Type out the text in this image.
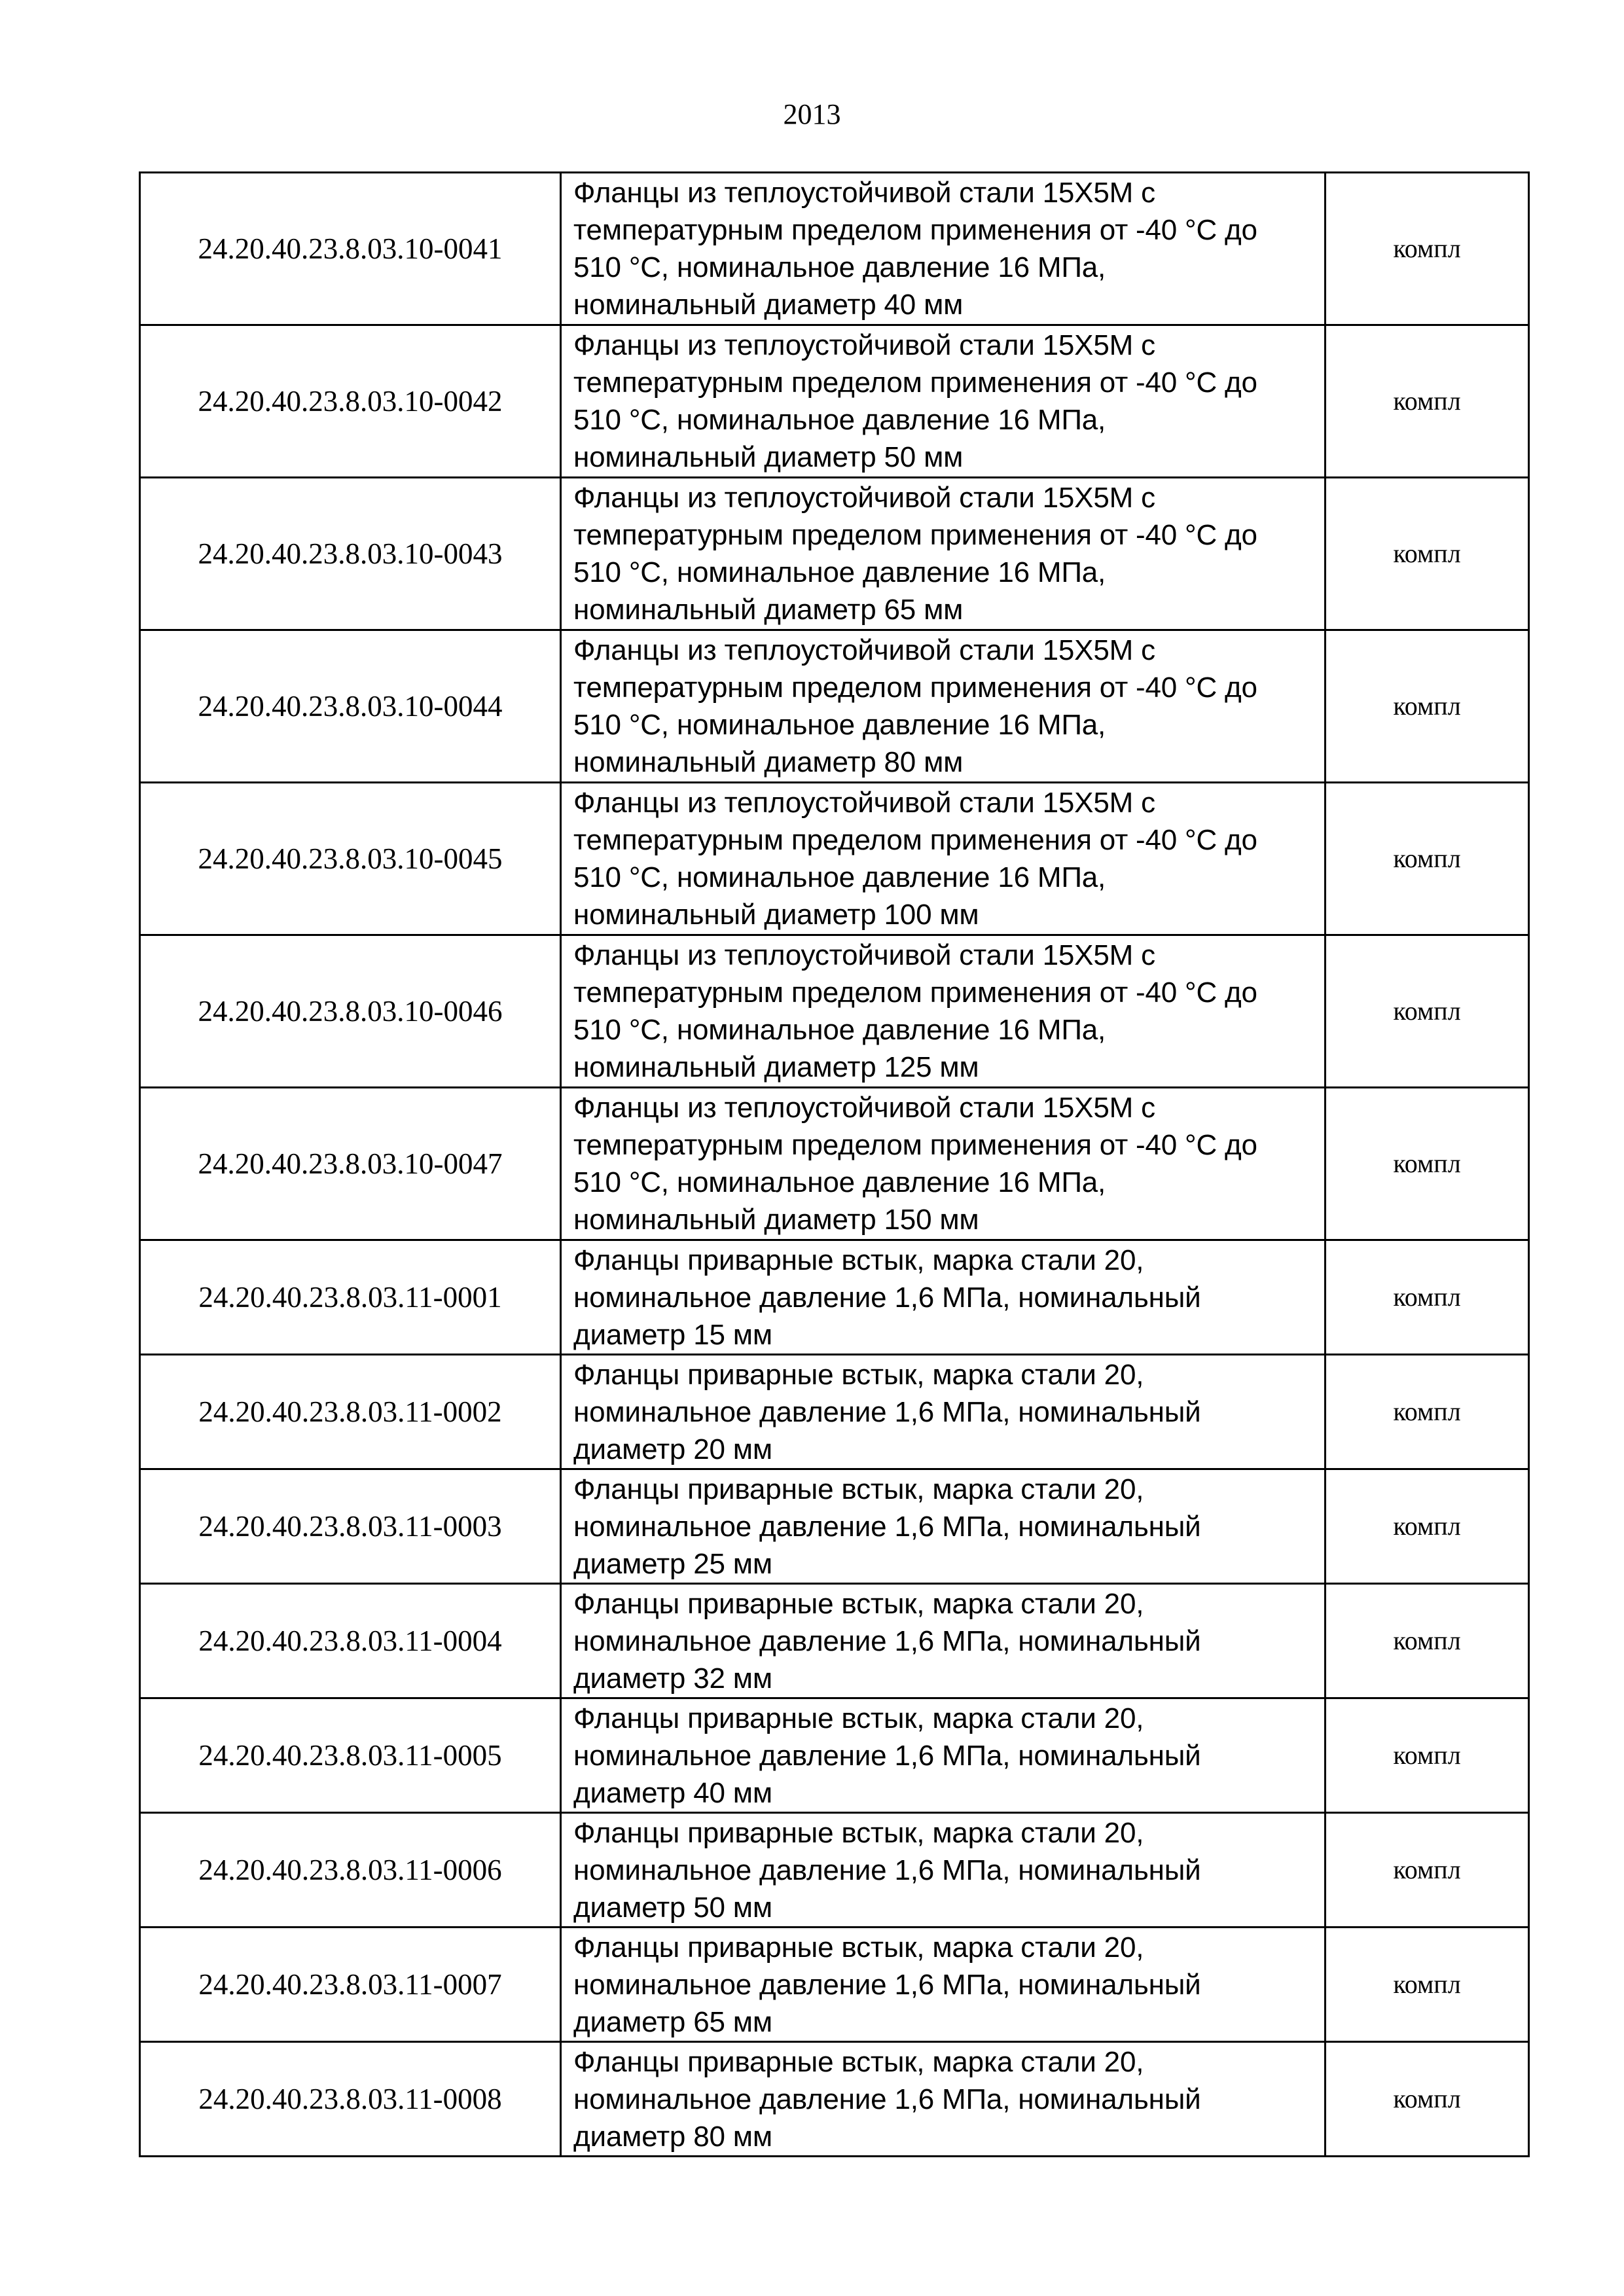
2013
24.20.40.23.8.03.10-0041	Фланцы из теплоустойчивой стали 15Х5М с
температурным пределом применения от -40 °С до
510 °С, номинальное давление 16 МПа,
номинальный диаметр 40 мм	компл
24.20.40.23.8.03.10-0042	Фланцы из теплоустойчивой стали 15Х5М с
температурным пределом применения от -40 °С до
510 °С, номинальное давление 16 МПа,
номинальный диаметр 50 мм	компл
24.20.40.23.8.03.10-0043	Фланцы из теплоустойчивой стали 15Х5М с
температурным пределом применения от -40 °С до
510 °С, номинальное давление 16 МПа,
номинальный диаметр 65 мм	компл
24.20.40.23.8.03.10-0044	Фланцы из теплоустойчивой стали 15Х5М с
температурным пределом применения от -40 °С до
510 °С, номинальное давление 16 МПа,
номинальный диаметр 80 мм	компл
24.20.40.23.8.03.10-0045	Фланцы из теплоустойчивой стали 15Х5М с
температурным пределом применения от -40 °С до
510 °С, номинальное давление 16 МПа,
номинальный диаметр 100 мм	компл
24.20.40.23.8.03.10-0046	Фланцы из теплоустойчивой стали 15Х5М с
температурным пределом применения от -40 °С до
510 °С, номинальное давление 16 МПа,
номинальный диаметр 125 мм	компл
24.20.40.23.8.03.10-0047	Фланцы из теплоустойчивой стали 15Х5М с
температурным пределом применения от -40 °С до
510 °С, номинальное давление 16 МПа,
номинальный диаметр 150 мм	компл
24.20.40.23.8.03.11-0001	Фланцы приварные встык, марка стали 20,
номинальное давление 1,6 МПа, номинальный
диаметр 15 мм	компл
24.20.40.23.8.03.11-0002	Фланцы приварные встык, марка стали 20,
номинальное давление 1,6 МПа, номинальный
диаметр 20 мм	компл
24.20.40.23.8.03.11-0003	Фланцы приварные встык, марка стали 20,
номинальное давление 1,6 МПа, номинальный
диаметр 25 мм	компл
24.20.40.23.8.03.11-0004	Фланцы приварные встык, марка стали 20,
номинальное давление 1,6 МПа, номинальный
диаметр 32 мм	компл
24.20.40.23.8.03.11-0005	Фланцы приварные встык, марка стали 20,
номинальное давление 1,6 МПа, номинальный
диаметр 40 мм	компл
24.20.40.23.8.03.11-0006	Фланцы приварные встык, марка стали 20,
номинальное давление 1,6 МПа, номинальный
диаметр 50 мм	компл
24.20.40.23.8.03.11-0007	Фланцы приварные встык, марка стали 20,
номинальное давление 1,6 МПа, номинальный
диаметр 65 мм	компл
24.20.40.23.8.03.11-0008	Фланцы приварные встык, марка стали 20,
номинальное давление 1,6 МПа, номинальный
диаметр 80 мм	компл
